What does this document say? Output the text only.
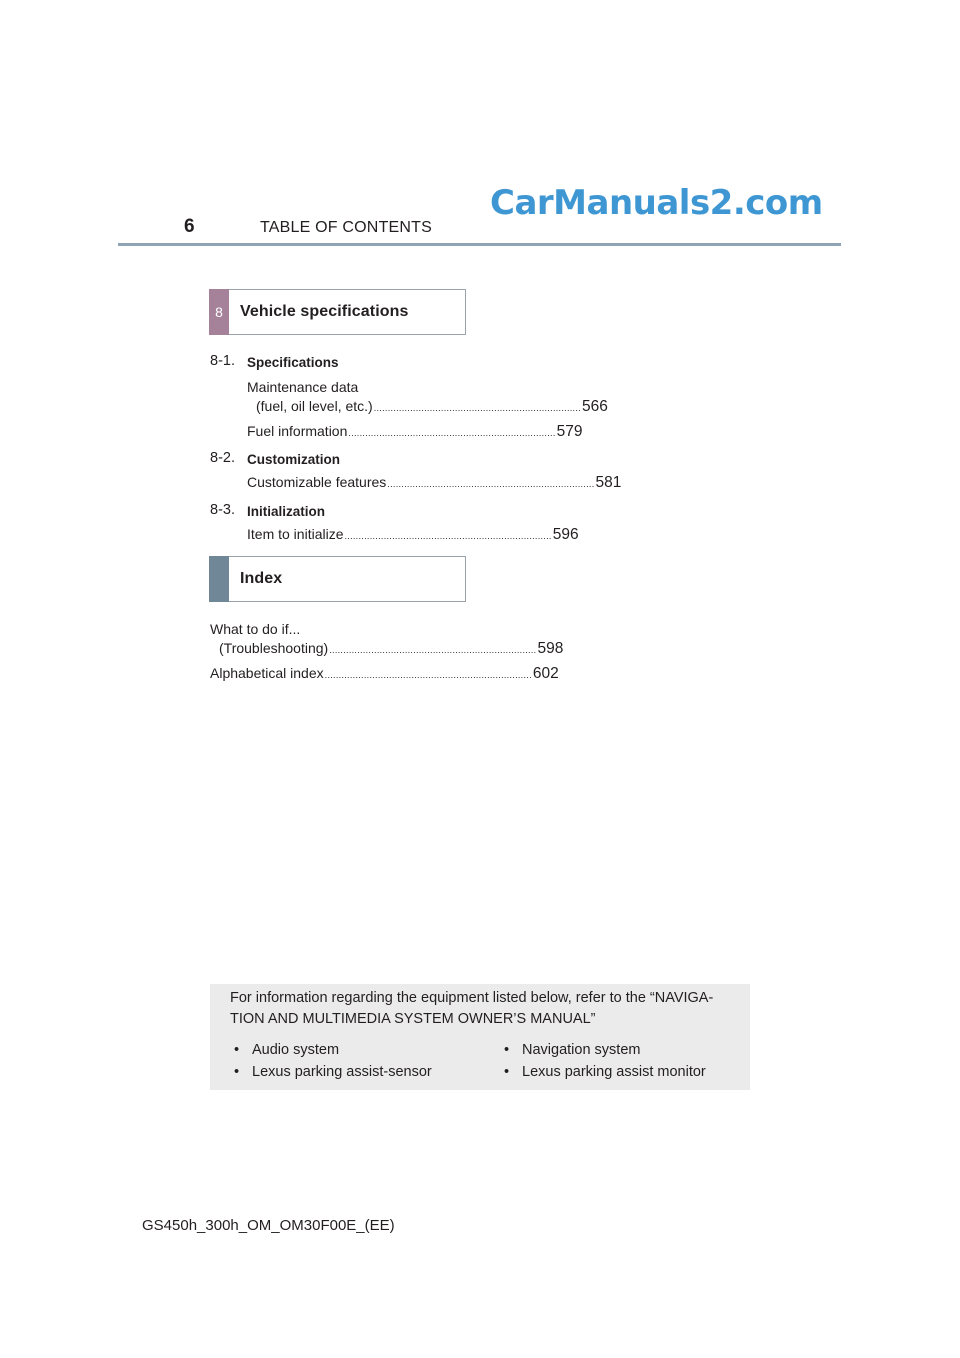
6	TABLE OF CONTENTS
CarManuals2.com
8	Vehicle specifications
8-1. Specifications
Maintenance data
(fuel, oil level, etc.) .......................................................................... 566
Fuel information .......................................................................... 579
8-2. Customization
Customizable features .......................................................................... 581
8-3. Initialization
Item to initialize .......................................................................... 596
Index
What to do if...
(Troubleshooting) .......................................................................... 598
Alphabetical index .......................................................................... 602
For information regarding the equipment listed below, refer to the “NAVIGA-
TION AND MULTIMEDIA SYSTEM OWNER’S MANUAL”
• Audio system	• Navigation system
• Lexus parking assist-sensor	• Lexus parking assist monitor
GS450h_300h_OM_OM30F00E_(EE)
